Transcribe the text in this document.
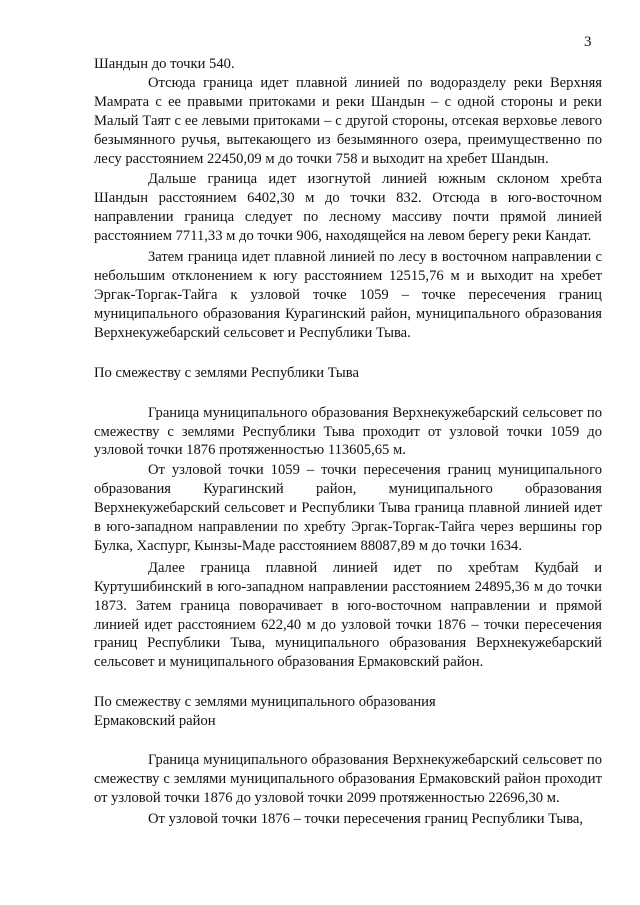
3

Шандын до точки 540.

Отсюда граница идет плавной линией по водоразделу реки Верхняя Мамрата с ее правыми притоками и реки Шандын – с одной стороны и реки Малый Таят с ее левыми притоками – с другой стороны, отсекая верховье левого безымянного ручья, вытекающего из безымянного озера, преимущественно по лесу расстоянием 22450,09 м до точки 758 и выходит на хребет Шандын.

Дальше граница идет изогнутой линией южным склоном хребта Шандын расстоянием 6402,30 м до точки 832. Отсюда в юго-восточном направлении граница следует по лесному массиву почти прямой линией расстоянием 7711,33 м до точки 906, находящейся на левом берегу реки Кандат.

Затем граница идет плавной линией по лесу в восточном направлении с небольшим отклонением к югу расстоянием 12515,76 м и выходит на хребет Эргак-Торгак-Тайга к узловой точке 1059 – точке пересечения границ муниципального образования Курагинский район, муниципального образования Верхнекужебарский сельсовет и Республики Тыва.

По смежеству с землями Республики Тыва

Граница муниципального образования Верхнекужебарский сельсовет по смежеству с землями Республики Тыва проходит от узловой точки 1059 до узловой точки 1876 протяженностью 113605,65 м.

От узловой точки 1059 – точки пересечения границ муниципального образования Курагинский район, муниципального образования Верхнекужебарский сельсовет и Республики Тыва граница плавной линией идет в юго-западном направлении по хребту Эргак-Торгак-Тайга через вершины гор Булка, Хаспург, Кынзы-Маде расстоянием 88087,89 м до точки 1634.

Далее граница плавной линией идет по хребтам Кудбай и Куртушибинский в юго-западном направлении расстоянием 24895,36 м до точки 1873. Затем граница поворачивает в юго-восточном направлении и прямой линией идет расстоянием 622,40 м до узловой точки 1876 – точки пересечения границ Республики Тыва, муниципального образования Верхнекужебарский сельсовет и муниципального образования Ермаковский район.

По смежеству с землями муниципального образования

Ермаковский район

Граница муниципального образования Верхнекужебарский сельсовет по смежеству с землями муниципального образования Ермаковский район проходит от узловой точки 1876 до узловой точки 2099 протяженностью 22696,30 м.

От узловой точки 1876 – точки пересечения границ Республики Тыва,
